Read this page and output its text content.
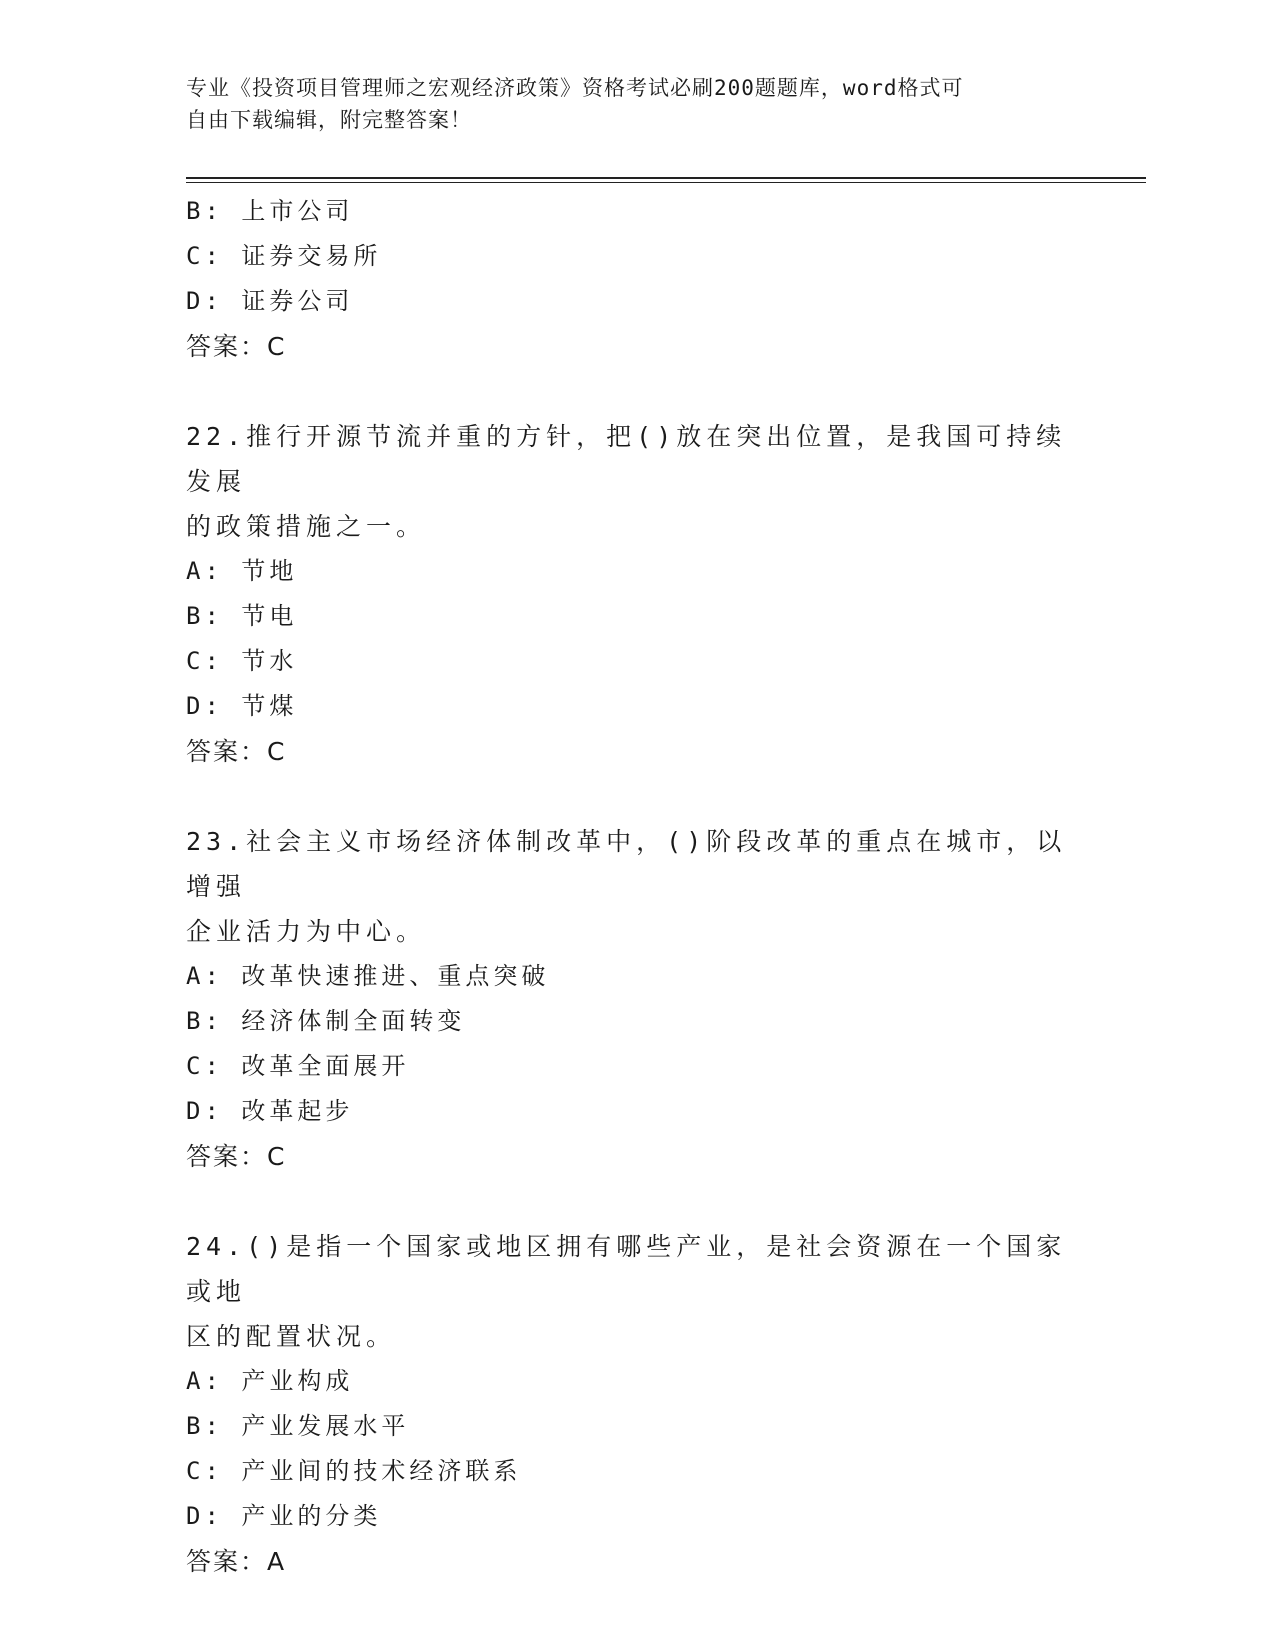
专业《投资项目管理师之宏观经济政策》资格考试必刷200题题库，word格式可
自由下载编辑，附完整答案！
B: 上市公司
C: 证券交易所
D: 证券公司
答案：C
22.推行开源节流并重的方针，把()放在突出位置，是我国可持续发展
的政策措施之一。
A: 节地
B: 节电
C: 节水
D: 节煤
答案：C
23.社会主义市场经济体制改革中，()阶段改革的重点在城市，以增强
企业活力为中心。
A: 改革快速推进、重点突破
B: 经济体制全面转变
C: 改革全面展开
D: 改革起步
答案：C
24.()是指一个国家或地区拥有哪些产业，是社会资源在一个国家或地
区的配置状况。
A: 产业构成
B: 产业发展水平
C: 产业间的技术经济联系
D: 产业的分类
答案：A
